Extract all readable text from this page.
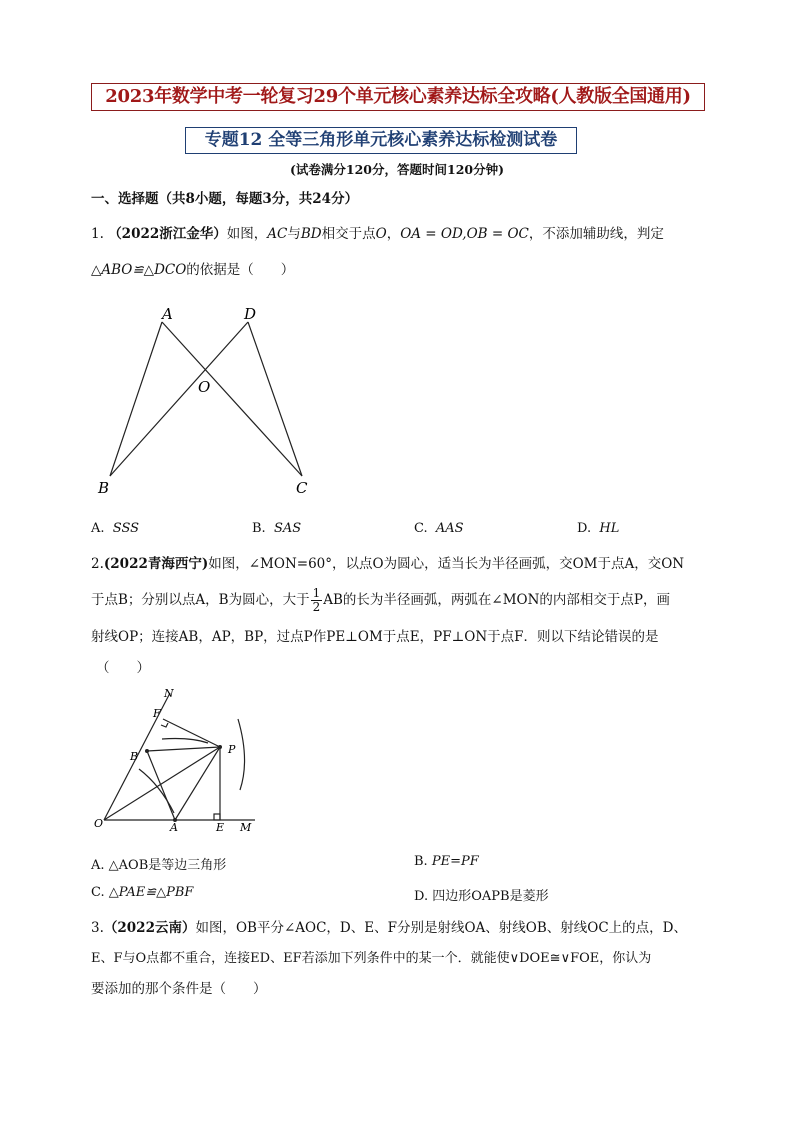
2023年数学中考一轮复习29个单元核心素养达标全攻略(人教版全国通用)
专题12 全等三角形单元核心素养达标检测试卷
(试卷满分120分，答题时间120分钟)
一、选择题（共8小题，每题3分，共24分）
1. （2022浙江金华）如图，AC与BD相交于点O，OA = OD,OB = OC，不添加辅助线，判定
△ABO≌△DCO的依据是（　　）
A	D
O
B	C
A. SSS	B. SAS	C. AAS	D. HL
2.(2022青海西宁)如图，∠MON=60°，以点O为圆心，适当长为半径画弧，交OM于点A，交ON
于点B；分别以点A，B为圆心，大于 $\frac{1}{2}$ AB的长为半径画弧，两弧在∠MON的内部相交于点P，画
射线OP；连接AB，AP，BP，过点P作PE⊥OM于点E，PF⊥ON于点F．则以下结论错误的是
（　　）
N
F
P
B
O	A	E M
A. △AOB是等边三角形	B. PE=PF
C. △PAE≌△PBF	D. 四边形OAPB是菱形
3.（2022云南）如图，OB平分∠AOC，D、E、F分别是射线OA、射线OB、射线OC上的点，D、
E、F与O点都不重合，连接ED、EF若添加下列条件中的某一个．就能使∨DOE≅∨FOE，你认为
要添加的那个条件是（　　）
